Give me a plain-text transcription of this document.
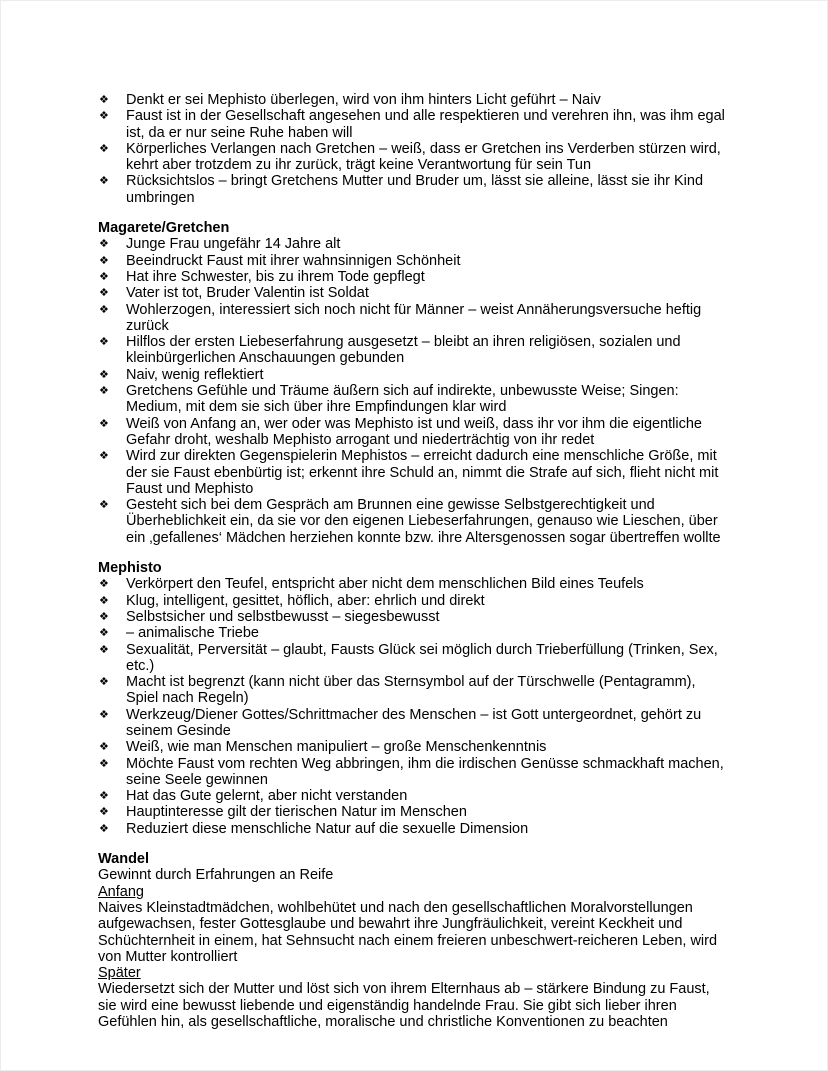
❖ Denkt er sei Mephisto überlegen, wird von ihm hinters Licht geführt – Naiv
❖ Faust ist in der Gesellschaft angesehen und alle respektieren und verehren ihn, was ihm egal ist, da er nur seine Ruhe haben will
❖ Körperliches Verlangen nach Gretchen – weiß, dass er Gretchen ins Verderben stürzen wird, kehrt aber trotzdem zu ihr zurück, trägt keine Verantwortung für sein Tun
❖ Rücksichtslos – bringt Gretchens Mutter und Bruder um, lässt sie alleine, lässt sie ihr Kind umbringen
Magarete/Gretchen
❖ Junge Frau ungefähr 14 Jahre alt
❖ Beeindruckt Faust mit ihrer wahnsinnigen Schönheit
❖ Hat ihre Schwester, bis zu ihrem Tode gepflegt
❖ Vater ist tot, Bruder Valentin ist Soldat
❖ Wohlerzogen, interessiert sich noch nicht für Männer – weist Annäherungsversuche heftig zurück
❖ Hilflos der ersten Liebeserfahrung ausgesetzt – bleibt an ihren religiösen, sozialen und kleinbürgerlichen Anschauungen gebunden
❖ Naiv, wenig reflektiert
❖ Gretchens Gefühle und Träume äußern sich auf indirekte, unbewusste Weise; Singen: Medium, mit dem sie sich über ihre Empfindungen klar wird
❖ Weiß von Anfang an, wer oder was Mephisto ist und weiß, dass ihr vor ihm die eigentliche Gefahr droht, weshalb Mephisto arrogant und niederträchtig von ihr redet
❖ Wird zur direkten Gegenspielerin Mephistos – erreicht dadurch eine menschliche Größe, mit der sie Faust ebenbürtig ist; erkennt ihre Schuld an, nimmt die Strafe auf sich, flieht nicht mit Faust und Mephisto
❖ Gesteht sich bei dem Gespräch am Brunnen eine gewisse Selbstgerechtigkeit und Überheblichkeit ein, da sie vor den eigenen Liebeserfahrungen, genauso wie Lieschen, über ein ‚gefallenes‘ Mädchen herziehen konnte bzw. ihre Altersgenossen sogar übertreffen wollte
Mephisto
❖ Verkörpert den Teufel, entspricht aber nicht dem menschlichen Bild eines Teufels
❖ Klug, intelligent, gesittet, höflich, aber: ehrlich und direkt
❖ Selbstsicher und selbstbewusst – siegesbewusst
❖ – animalische Triebe
❖ Sexualität, Perversität – glaubt, Fausts Glück sei möglich durch Trieberfüllung (Trinken, Sex, etc.)
❖ Macht ist begrenzt (kann nicht über das Sternsymbol auf der Türschwelle (Pentagramm), Spiel nach Regeln)
❖ Werkzeug/Diener Gottes/Schrittmacher des Menschen – ist Gott untergeordnet, gehört zu seinem Gesinde
❖ Weiß, wie man Menschen manipuliert – große Menschenkenntnis
❖ Möchte Faust vom rechten Weg abbringen, ihm die irdischen Genüsse schmackhaft machen, seine Seele gewinnen
❖ Hat das Gute gelernt, aber nicht verstanden
❖ Hauptinteresse gilt der tierischen Natur im Menschen
❖ Reduziert diese menschliche Natur auf die sexuelle Dimension
Wandel

Gewinnt durch Erfahrungen an Reife

Anfang

Naives Kleinstadtmädchen, wohlbehütet und nach den gesellschaftlichen Moralvorstellungen aufgewachsen, fester Gottesglaube und bewahrt ihre Jungfräulichkeit, vereint Keckheit und Schüchternheit in einem, hat Sehnsucht nach einem freieren unbeschwert-reicheren Leben, wird von Mutter kontrolliert

Später

Wiedersetzt sich der Mutter und löst sich von ihrem Elternhaus ab – stärkere Bindung zu Faust, sie wird eine bewusst liebende und eigenständig handelnde Frau. Sie gibt sich lieber ihren Gefühlen hin, als gesellschaftliche, moralische und christliche Konventionen zu beachten
